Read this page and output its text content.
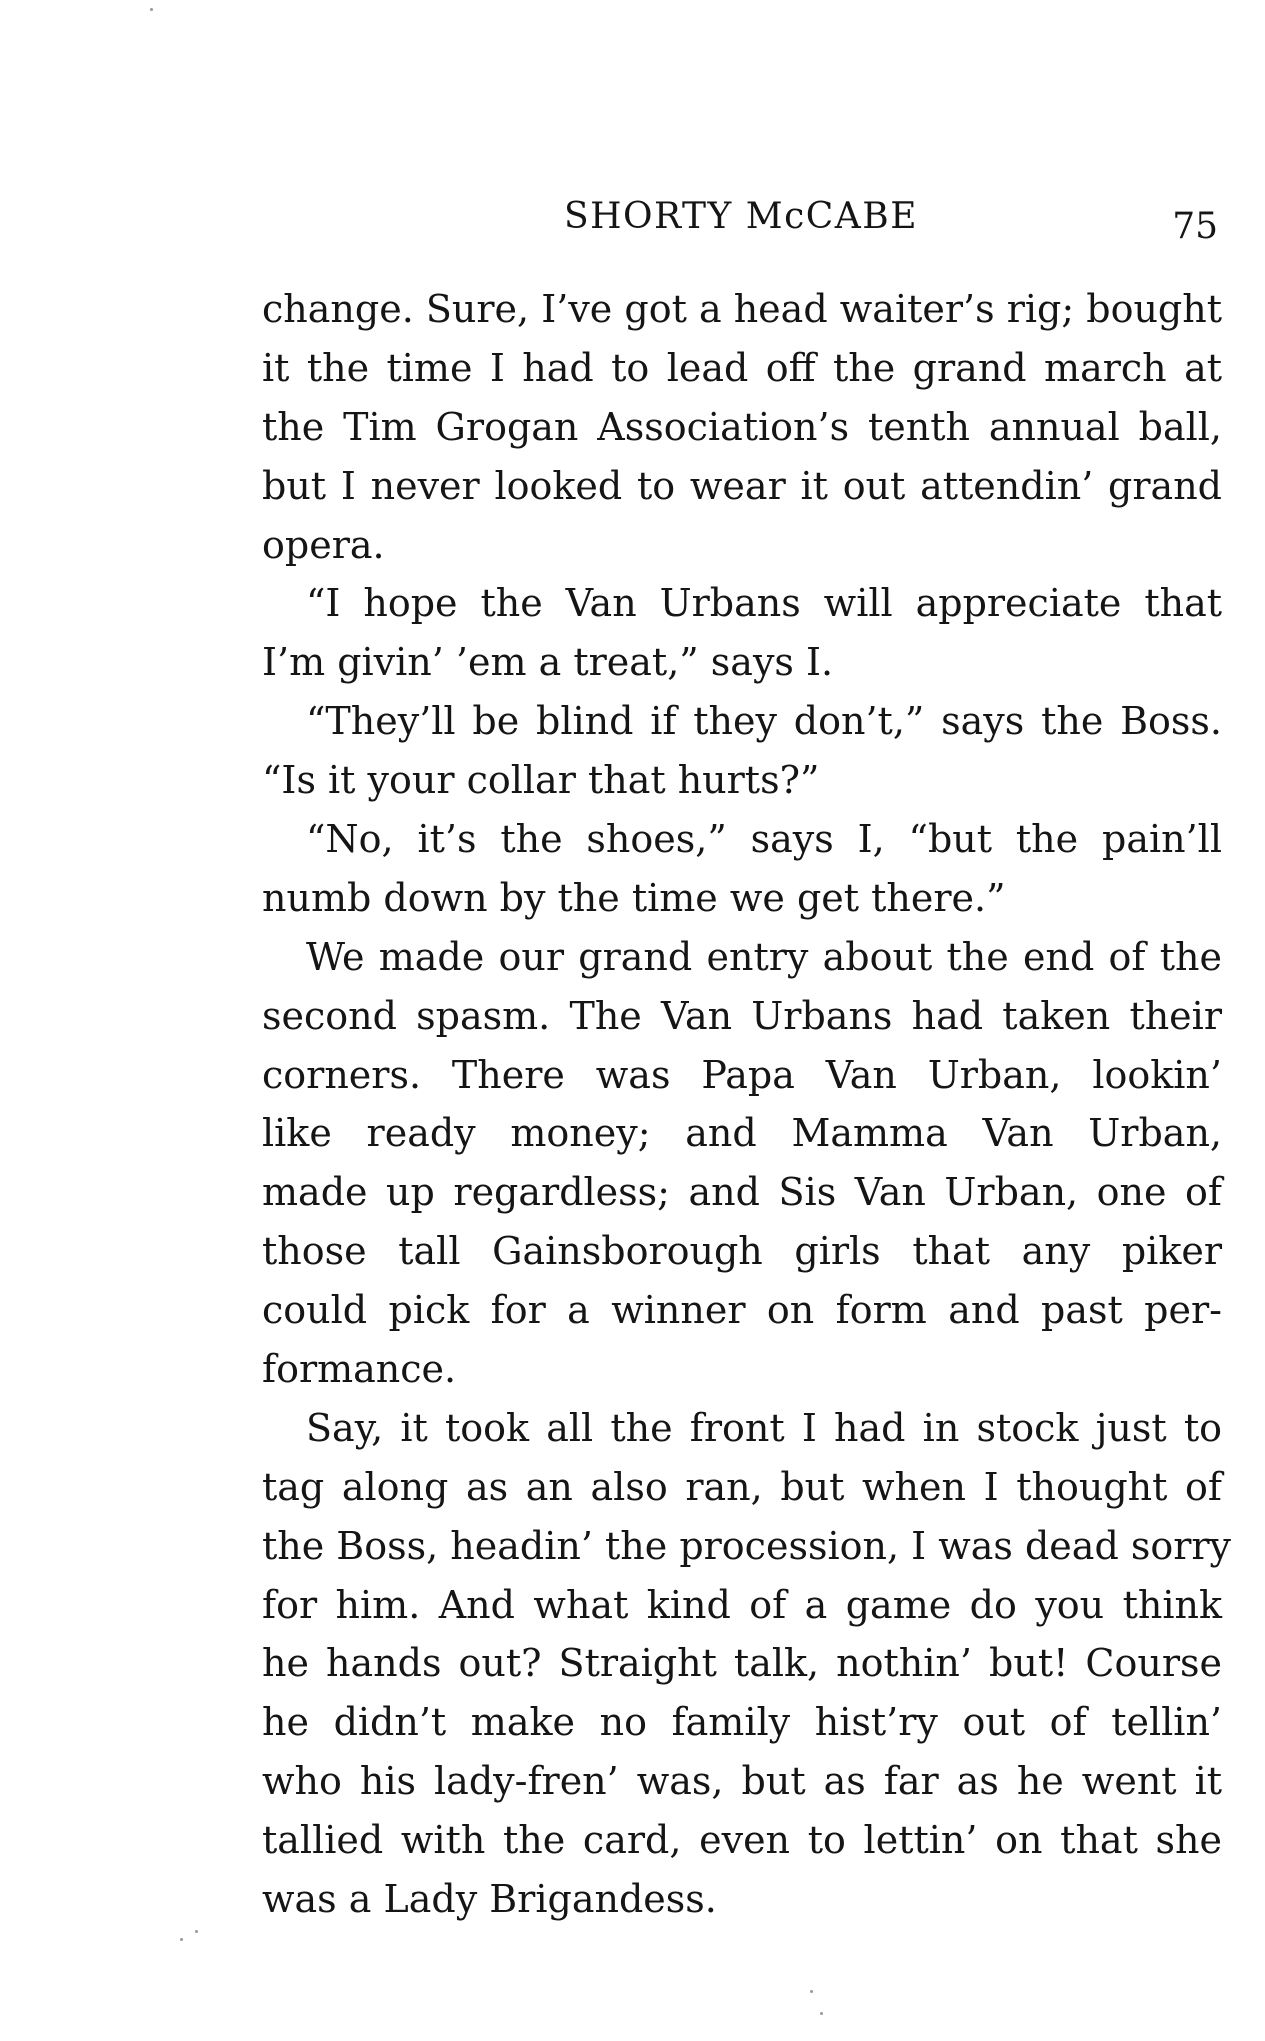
SHORTY McCABE	75
change. Sure, I’ve got a head waiter’s rig; bought
it the time I had to lead off the grand march at
the Tim Grogan Association’s tenth annual ball,
but I never looked to wear it out attendin’ grand
opera.
“I hope the Van Urbans will appreciate that
I’m givin’ ’em a treat,” says I.
“They’ll be blind if they don’t,” says the Boss.
“Is it your collar that hurts?”
“No, it’s the shoes,” says I, “but the pain’ll
numb down by the time we get there.”
We made our grand entry about the end of the
second spasm. The Van Urbans had taken their
corners. There was Papa Van Urban, lookin’
like ready money; and Mamma Van Urban,
made up regardless; and Sis Van Urban, one of
those tall Gainsborough girls that any piker
could pick for a winner on form and past per-
formance.
Say, it took all the front I had in stock just to
tag along as an also ran, but when I thought of
the Boss, headin’ the procession, I was dead sorry
for him. And what kind of a game do you think
he hands out? Straight talk, nothin’ but! Course
he didn’t make no family hist’ry out of tellin’
who his lady-fren’ was, but as far as he went it
tallied with the card, even to lettin’ on that she
was a Lady Brigandess.
